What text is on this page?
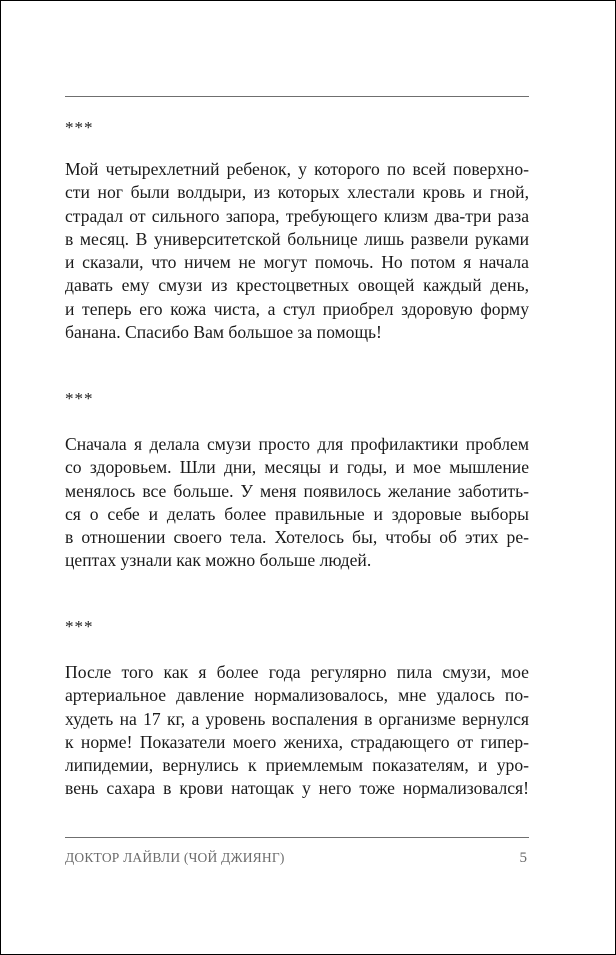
***
Мой четырехлетний ребенок, у которого по всей поверхно-
сти ног были волдыри, из которых хлестали кровь и гной,
страдал от сильного запора, требующего клизм два-три раза
в месяц. В университетской больнице лишь развели руками
и сказали, что ничем не могут помочь. Но потом я начала
давать ему смузи из крестоцветных овощей каждый день,
и теперь его кожа чиста, а стул приобрел здоровую форму
банана. Спасибо Вам большое за помощь!
***
Сначала я делала смузи просто для профилактики проблем
со здоровьем. Шли дни, месяцы и годы, и мое мышление
менялось все больше. У меня появилось желание заботить-
ся о себе и делать более правильные и здоровые выборы
в отношении своего тела. Хотелось бы, чтобы об этих ре-
цептах узнали как можно больше людей.
***
После того как я более года регулярно пила смузи, мое
артериальное давление нормализовалось, мне удалось по-
худеть на 17 кг, а уровень воспаления в организме вернулся
к норме! Показатели моего жениха, страдающего от гипер-
липидемии, вернулись к приемлемым показателям, и уро-
вень сахара в крови натощак у него тоже нормализовался!
ДОКТОР ЛАЙВЛИ (ЧОЙ ДЖИЯНГ)	5
